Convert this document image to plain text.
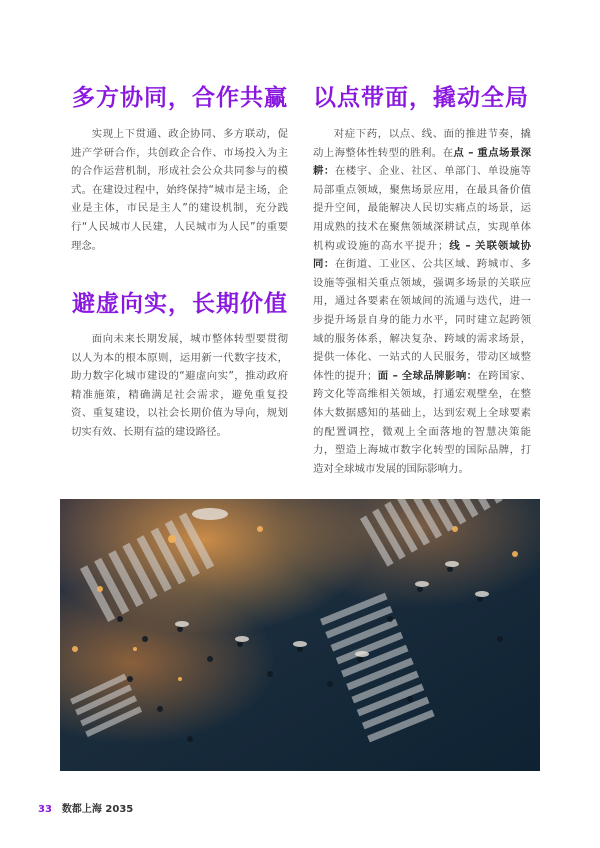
多方协同，合作共赢

实现上下贯通、政企协同、多方联动，促进产学研合作，共创政企合作、市场投入为主的合作运营机制，形成社会公众共同参与的模式。在建设过程中，始终保持“城市是主场，企业是主体，市民是主人”的建设机制，充分践行“人民城市人民建，人民城市为人民”的重要理念。

避虚向实，长期价值

面向未来长期发展，城市整体转型要贯彻以人为本的根本原则，运用新一代数字技术，助力数字化城市建设的“避虚向实”，推动政府精准施策，精确满足社会需求，避免重复投资、重复建设，以社会长期价值为导向，规划切实有效、长期有益的建设路径。

以点带面，撬动全局

对症下药，以点、线、面的推进节奏，撬动上海整体性转型的胜利。在点 – 重点场景深耕：在楼宇、企业、社区、单部门、单设施等局部重点领域，聚焦场景应用，在最具备价值提升空间，最能解决人民切实痛点的场景，运用成熟的技术在聚焦领域深耕试点，实现单体机构或设施的高水平提升；线 – 关联领域协同：在街道、工业区、公共区域、跨城市、多设施等强相关重点领域，强调多场景的关联应用，通过各要素在领域间的流通与迭代，进一步提升场景自身的能力水平，同时建立起跨领域的服务体系，解决复杂、跨域的需求场景，提供一体化、一站式的人民服务，带动区域整体性的提升；面 – 全球品牌影响：在跨国家、跨文化等高维相关领域，打通宏观壁垒，在整体大数据感知的基础上，达到宏观上全球要素的配置调控，微观上全面落地的智慧决策能力，塑造上海城市数字化转型的国际品牌，打造对全球城市发展的国际影响力。

33 数都上海 2035
